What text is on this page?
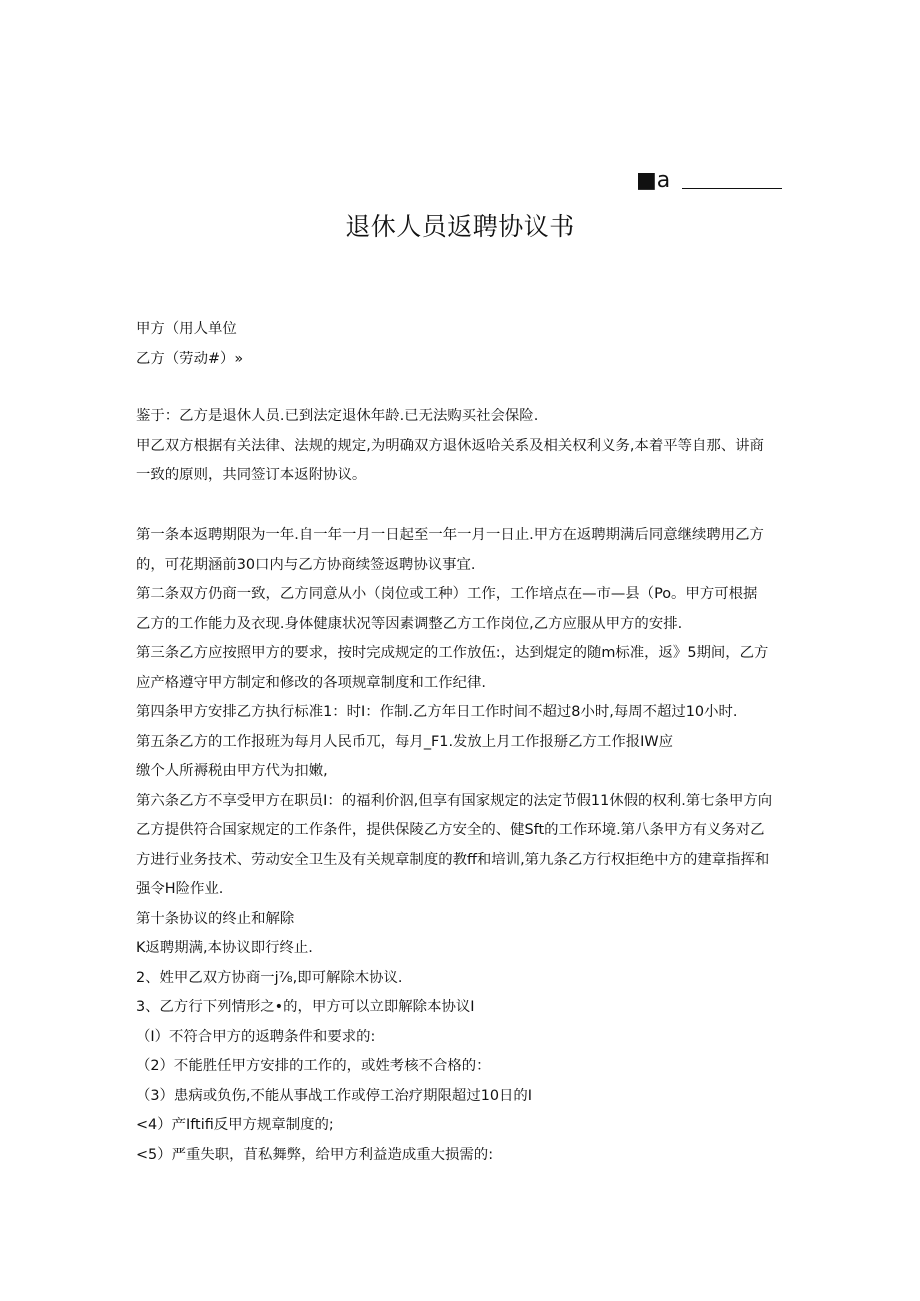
■a
退休人员返聘协议书
甲方（用人单位
乙方（劳动#）»
鉴于：乙方是退休人员.已到法定退休年龄.已无法购买社会保险.
甲乙双方根据有关法律、法规的规定,为明确双方退休返哈关系及相关权利义务,本着平等自那、讲商
一致的原则，共同签订本返附协议。
第一条本返聘期限为一年.自一年一月一日起至一年一月一日止.甲方在返聘期满后同意继续聘用乙方
的，可花期涵前30口内与乙方协商续签返聘协议事宜.
第二条双方仍商一致，乙方同意从小（岗位或工种）工作，工作培点在—市—县（Po。甲方可根据
乙方的工作能力及衣现.身体健康状况等因素调整乙方工作岗位,乙方应服从甲方的安排.
第三条乙方应按照甲方的要求，按时完成规定的工作放伍:，达到焜定的随m标准，返》5期间，乙方
应产格遵守甲方制定和修改的各项规章制度和工作纪律.
第四条甲方安排乙方执行标准1：时I：作制.乙方年日工作时间不超过8小时,每周不超过10小时.
第五条乙方的工作报班为每月人民币兀，每月_F1.发放上月工作报掰乙方工作报IW应
缴个人所褥税由甲方代为扣嫩,
第六条乙方不享受甲方在职员I：的福利价泅,但享有国家规定的法定节假11休假的权利.第七条甲方向
乙方提供符合国家规定的工作条件，提供保陵乙方安全的、健Sft的工作环境.第八条甲方有义务对乙
方进行业务技术、劳动安全卫生及有关规章制度的教ff和培训,第九条乙方行权拒绝中方的建章指挥和
强令H险作业.
第十条协议的终止和解除
K返聘期满,本协议即行终止.
2、姓甲乙双方协商一j⅞,即可解除木协议.
3、乙方行下列情形之•的，甲方可以立即解除本协议I
（I）不符合甲方的返聘条件和要求的:
（2）不能胜任甲方安排的工作的，或姓考核不合格的：
（3）患病或负伤,不能从事战工作或停工治疗期限超过10日的I
<4）产Iftifi反甲方规章制度的;
<5）严重失职，苜私舞弊，给甲方利益造成重大损需的:
